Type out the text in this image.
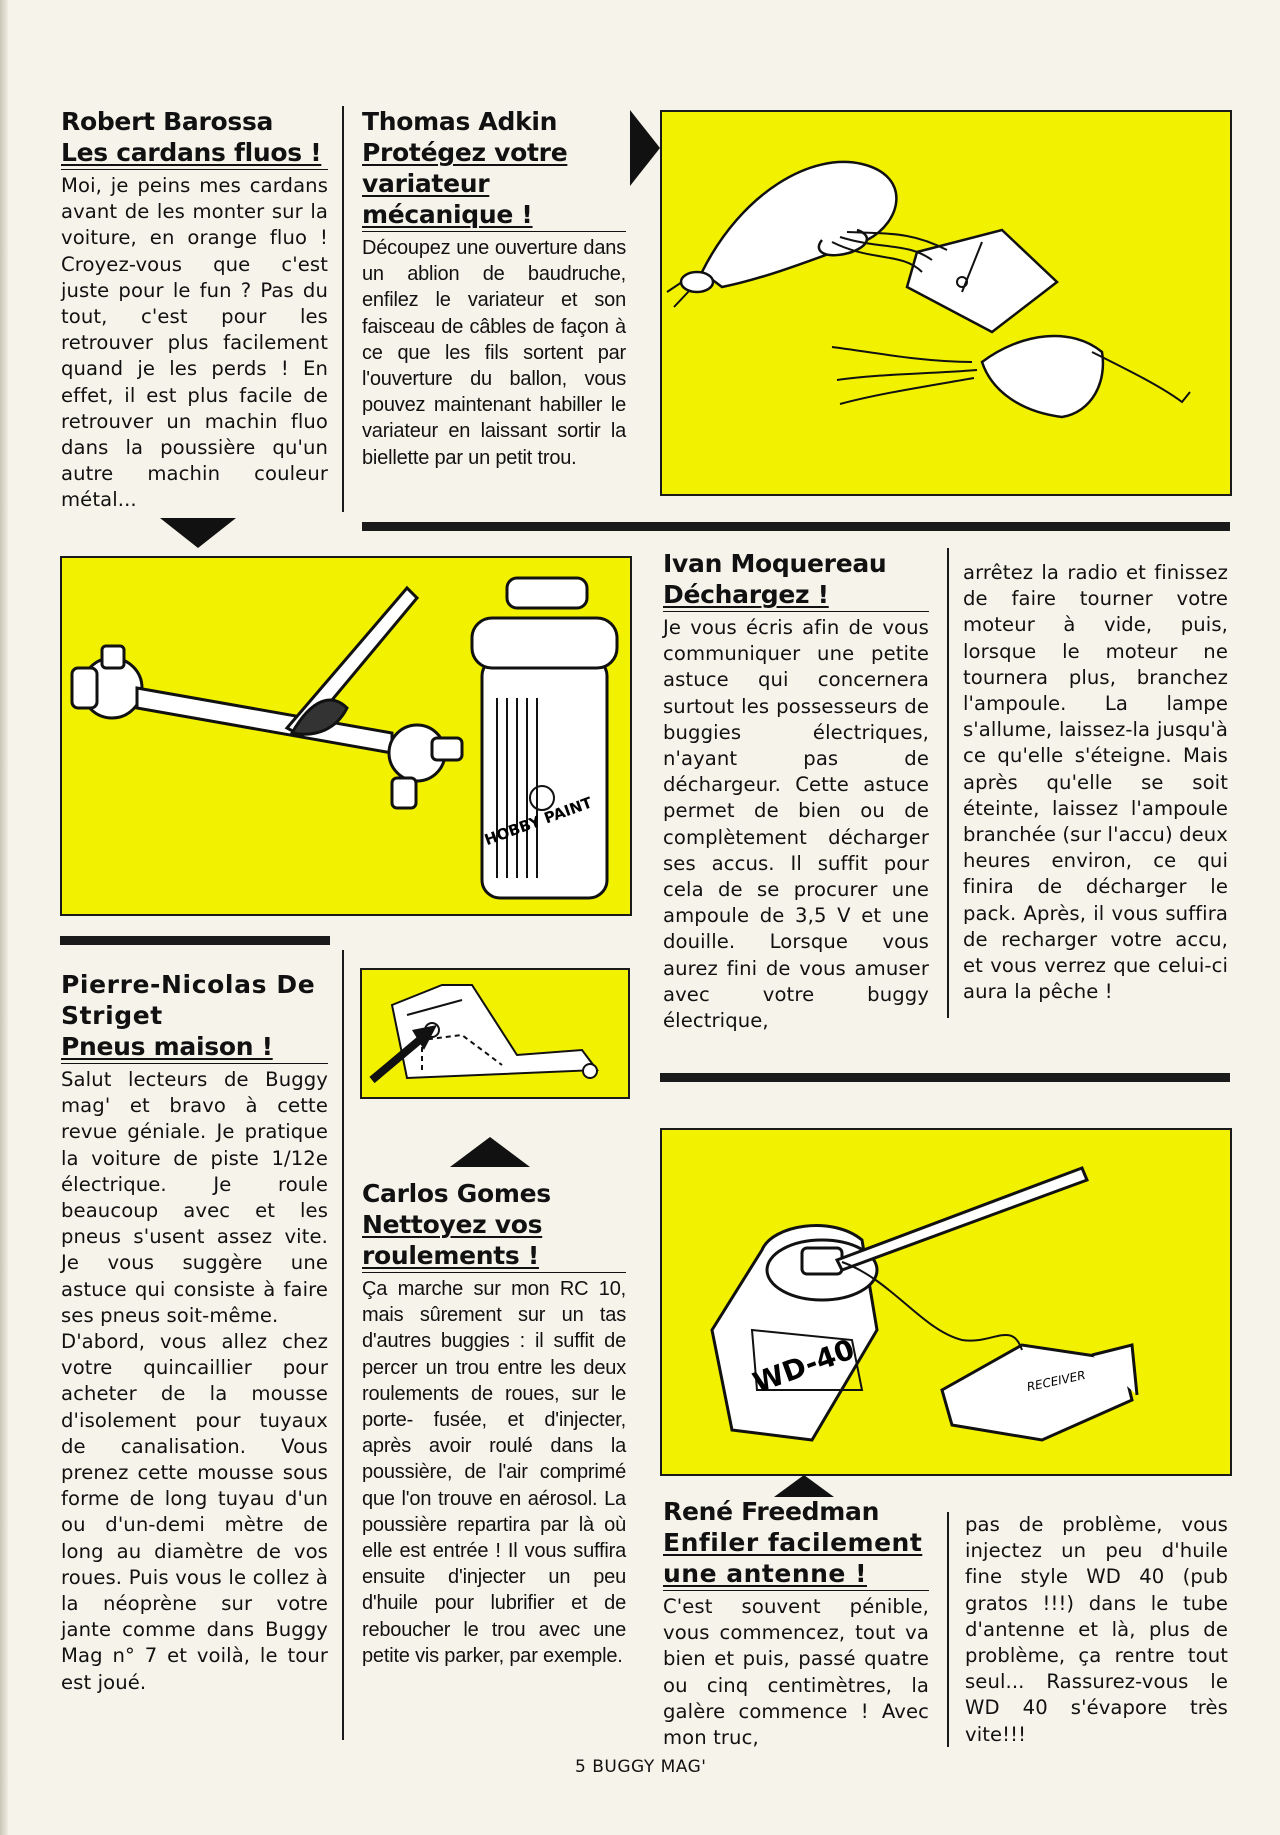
Robert Barossa
Les cardans fluos !

Moi, je peins mes cardans avant de les monter sur la voiture, en orange fluo ! Croyez-vous que c'est juste pour le fun ? Pas du tout, c'est pour les retrouver plus facilement quand je les perds ! En effet, il est plus facile de retrouver un machin fluo dans la poussière qu'un autre machin couleur métal...

Thomas Adkin
Protégez votre variateur mécanique !

Découpez une ouverture dans un ablion de baudruche, enfilez le variateur et son faisceau de câbles de façon à ce que les fils sortent par l'ouverture du ballon, vous pouvez maintenant habiller le variateur en laissant sortir la biellette par un petit trou.

HOBBY PAINT
Ivan Moquereau
Déchargez !

Je vous écris afin de vous communiquer une petite astuce qui concernera surtout les possesseurs de buggies électriques, n'ayant pas de déchargeur. Cette astuce permet de bien ou de complètement décharger ses accus. Il suffit pour cela de se procurer une ampoule de 3,5 V et une douille. Lorsque vous aurez fini de vous amuser avec votre buggy électrique,

arrêtez la radio et finissez de faire tourner votre moteur à vide, puis, lorsque le moteur ne tournera plus, branchez l'ampoule. La lampe s'allume, laissez-la jusqu'à ce qu'elle s'éteigne. Mais après qu'elle se soit éteinte, laissez l'ampoule branchée (sur l'accu) deux heures environ, ce qui finira de décharger le pack. Après, il vous suffira de recharger votre accu, et vous verrez que celui-ci aura la pêche !

Pierre-Nicolas De Striget
Pneus maison !

Salut lecteurs de Buggy mag' et bravo à cette revue géniale. Je pratique la voiture de piste 1/12e électrique. Je roule beaucoup avec et les pneus s'usent assez vite. Je vous suggère une astuce qui consiste à faire ses pneus soit-même.

D'abord, vous allez chez votre quincaillier pour acheter de la mousse d'isolement pour tuyaux de canalisation. Vous prenez cette mousse sous forme de long tuyau d'un ou d'un-demi mètre de long au diamètre de vos roues. Puis vous le collez à la néoprène sur votre jante comme dans Buggy Mag n° 7 et voilà, le tour est joué.

Carlos Gomes
Nettoyez vos roulements !

Ça marche sur mon RC 10, mais sûrement sur un tas d'autres buggies : il suffit de percer un trou entre les deux roulements de roues, sur le porte- fusée, et d'injecter, après avoir roulé dans la poussière, de l'air comprimé que l'on trouve en aérosol. La poussière repartira par là où elle est entrée ! Il vous suffira ensuite d'injecter un peu d'huile pour lubrifier et de reboucher le trou avec une petite vis parker, par exemple.

WD-40	RECEIVER
René Freedman
Enfiler facilement une antenne !

C'est souvent pénible, vous commencez, tout va bien et puis, passé quatre ou cinq centimètres, la galère commence ! Avec mon truc,

pas de problème, vous injectez un peu d'huile fine style WD 40 (pub gratos !!!) dans le tube d'antenne et là, plus de problème, ça rentre tout seul... Rassurez-vous le WD 40 s'évapore très vite!!!

5 BUGGY MAG'
